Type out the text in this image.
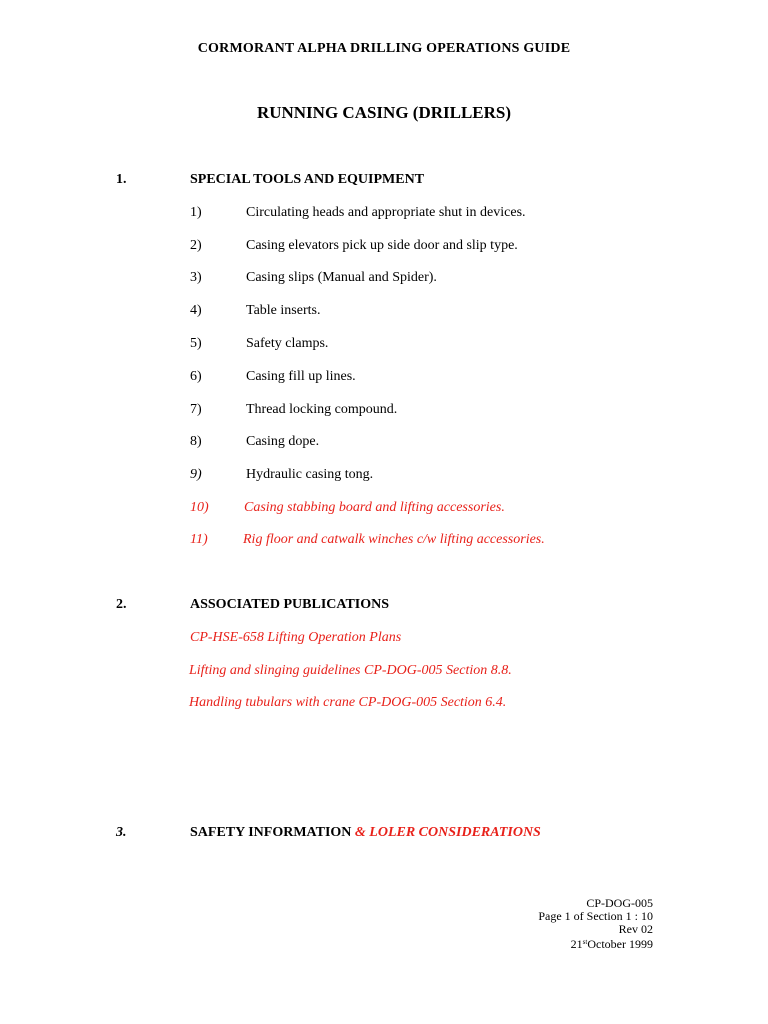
CORMORANT ALPHA DRILLING OPERATIONS GUIDE
RUNNING CASING (DRILLERS)
1.	SPECIAL TOOLS AND EQUIPMENT
1)	Circulating heads and appropriate shut in devices.
2)	Casing elevators pick up side door and slip type.
3)	Casing slips (Manual and Spider).
4)	Table inserts.
5)	Safety clamps.
6)	Casing fill up lines.
7)	Thread locking compound.
8)	Casing dope.
9)	Hydraulic casing tong.
10)	Casing stabbing board and lifting accessories.
11)	Rig floor and catwalk winches c/w lifting accessories.
2.	ASSOCIATED PUBLICATIONS
CP-HSE-658 Lifting Operation Plans
Lifting and slinging guidelines CP-DOG-005 Section 8.8.
Handling tubulars with crane CP-DOG-005 Section 6.4.
3.	SAFETY INFORMATION & LOLER CONSIDERATIONS
CP-DOG-005
Page 1 of Section 1 : 10
Rev 02
21stOctober 1999
